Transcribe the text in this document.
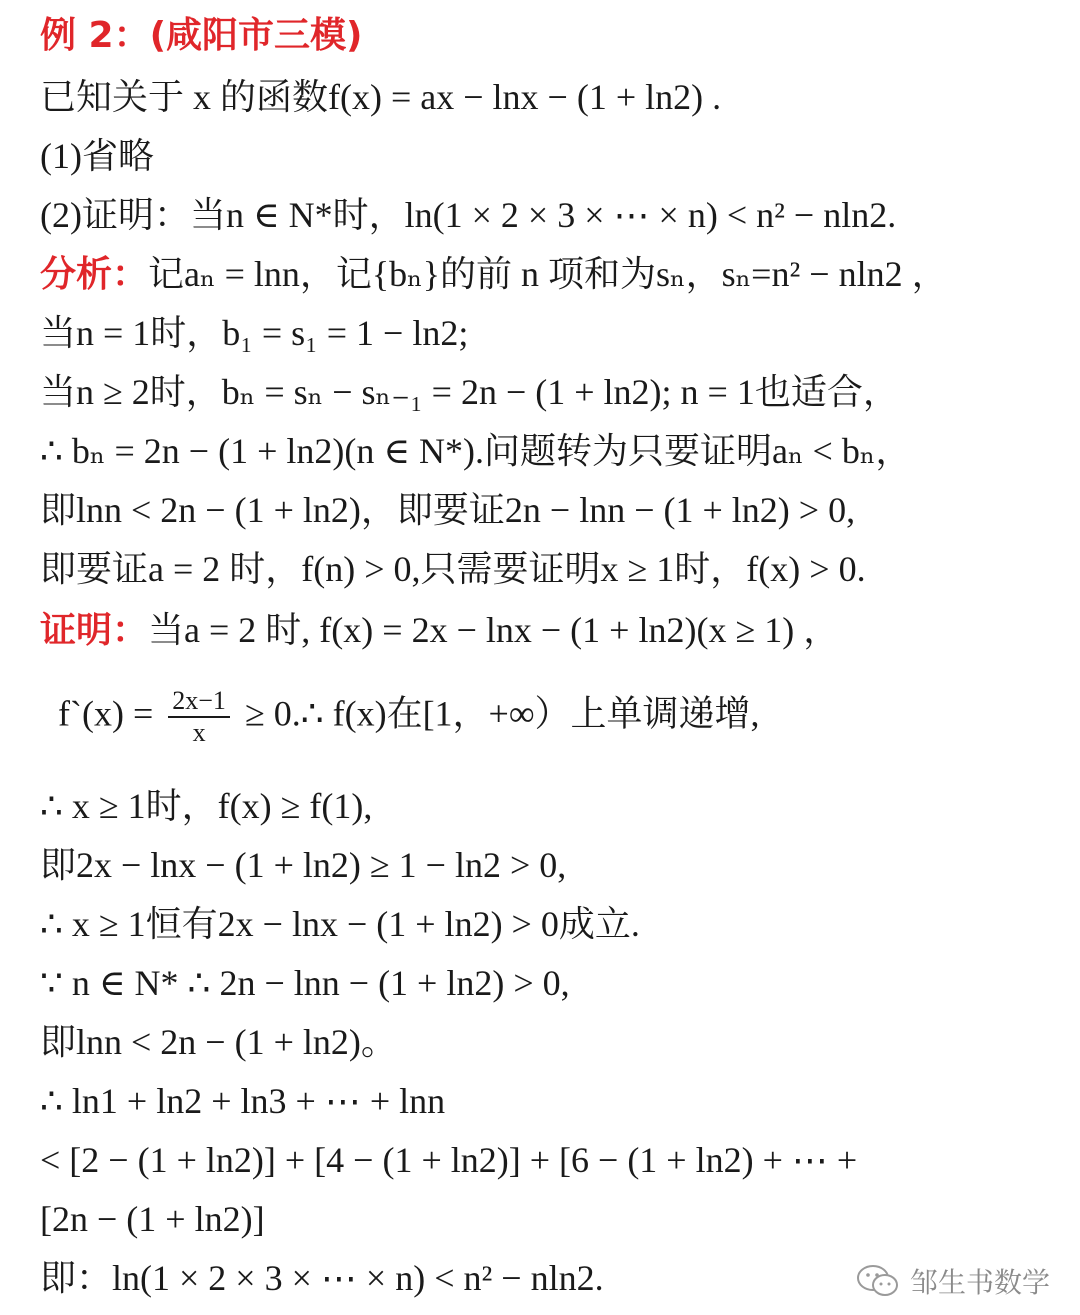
例 2：(咸阳市三模)
已知关于 x 的函数f(x) = ax − lnx − (1 + ln2) .
(1)省略
(2)证明：当n ∈ N*时，ln(1 × 2 × 3 × ⋯ × n) < n² − nln2.
分析：记aₙ = lnn，记{bₙ}的前 n 项和为sₙ，sₙ=n² − nln2 ，
当n = 1时，b₁ = s₁ = 1 − ln2;
当n ≥ 2时，bₙ = sₙ − sₙ₋₁ = 2n − (1 + ln2); n = 1也适合，
∴ bₙ = 2n − (1 + ln2)(n ∈ N*).问题转为只要证明aₙ < bₙ，
即lnn < 2n − (1 + ln2)，即要证2n − lnn − (1 + ln2) > 0,
即要证a = 2 时，f(n) > 0,只需要证明x ≥ 1时，f(x) > 0.
证明：当a = 2 时, f(x) = 2x − lnx − (1 + ln2)(x ≥ 1) ，
f`(x) = $\frac{2x-1}{x}$ ≥ 0.∴ f(x)在[1，+∞）上单调递增,
∴ x ≥ 1时，f(x) ≥ f(1),
即2x − lnx − (1 + ln2) ≥ 1 − ln2 > 0,
∴ x ≥ 1恒有2x − lnx − (1 + ln2) > 0成立.
∵ n ∈ N* ∴ 2n − lnn − (1 + ln2) > 0,
即lnn < 2n − (1 + ln2)。
∴ ln1 + ln2 + ln3 + ⋯ + lnn
< [2 − (1 + ln2)] + [4 − (1 + ln2)] + [6 − (1 + ln2) + ⋯ +
[2n − (1 + ln2)]
即：ln(1 × 2 × 3 × ⋯ × n) < n² − nln2.	邹生书数学
